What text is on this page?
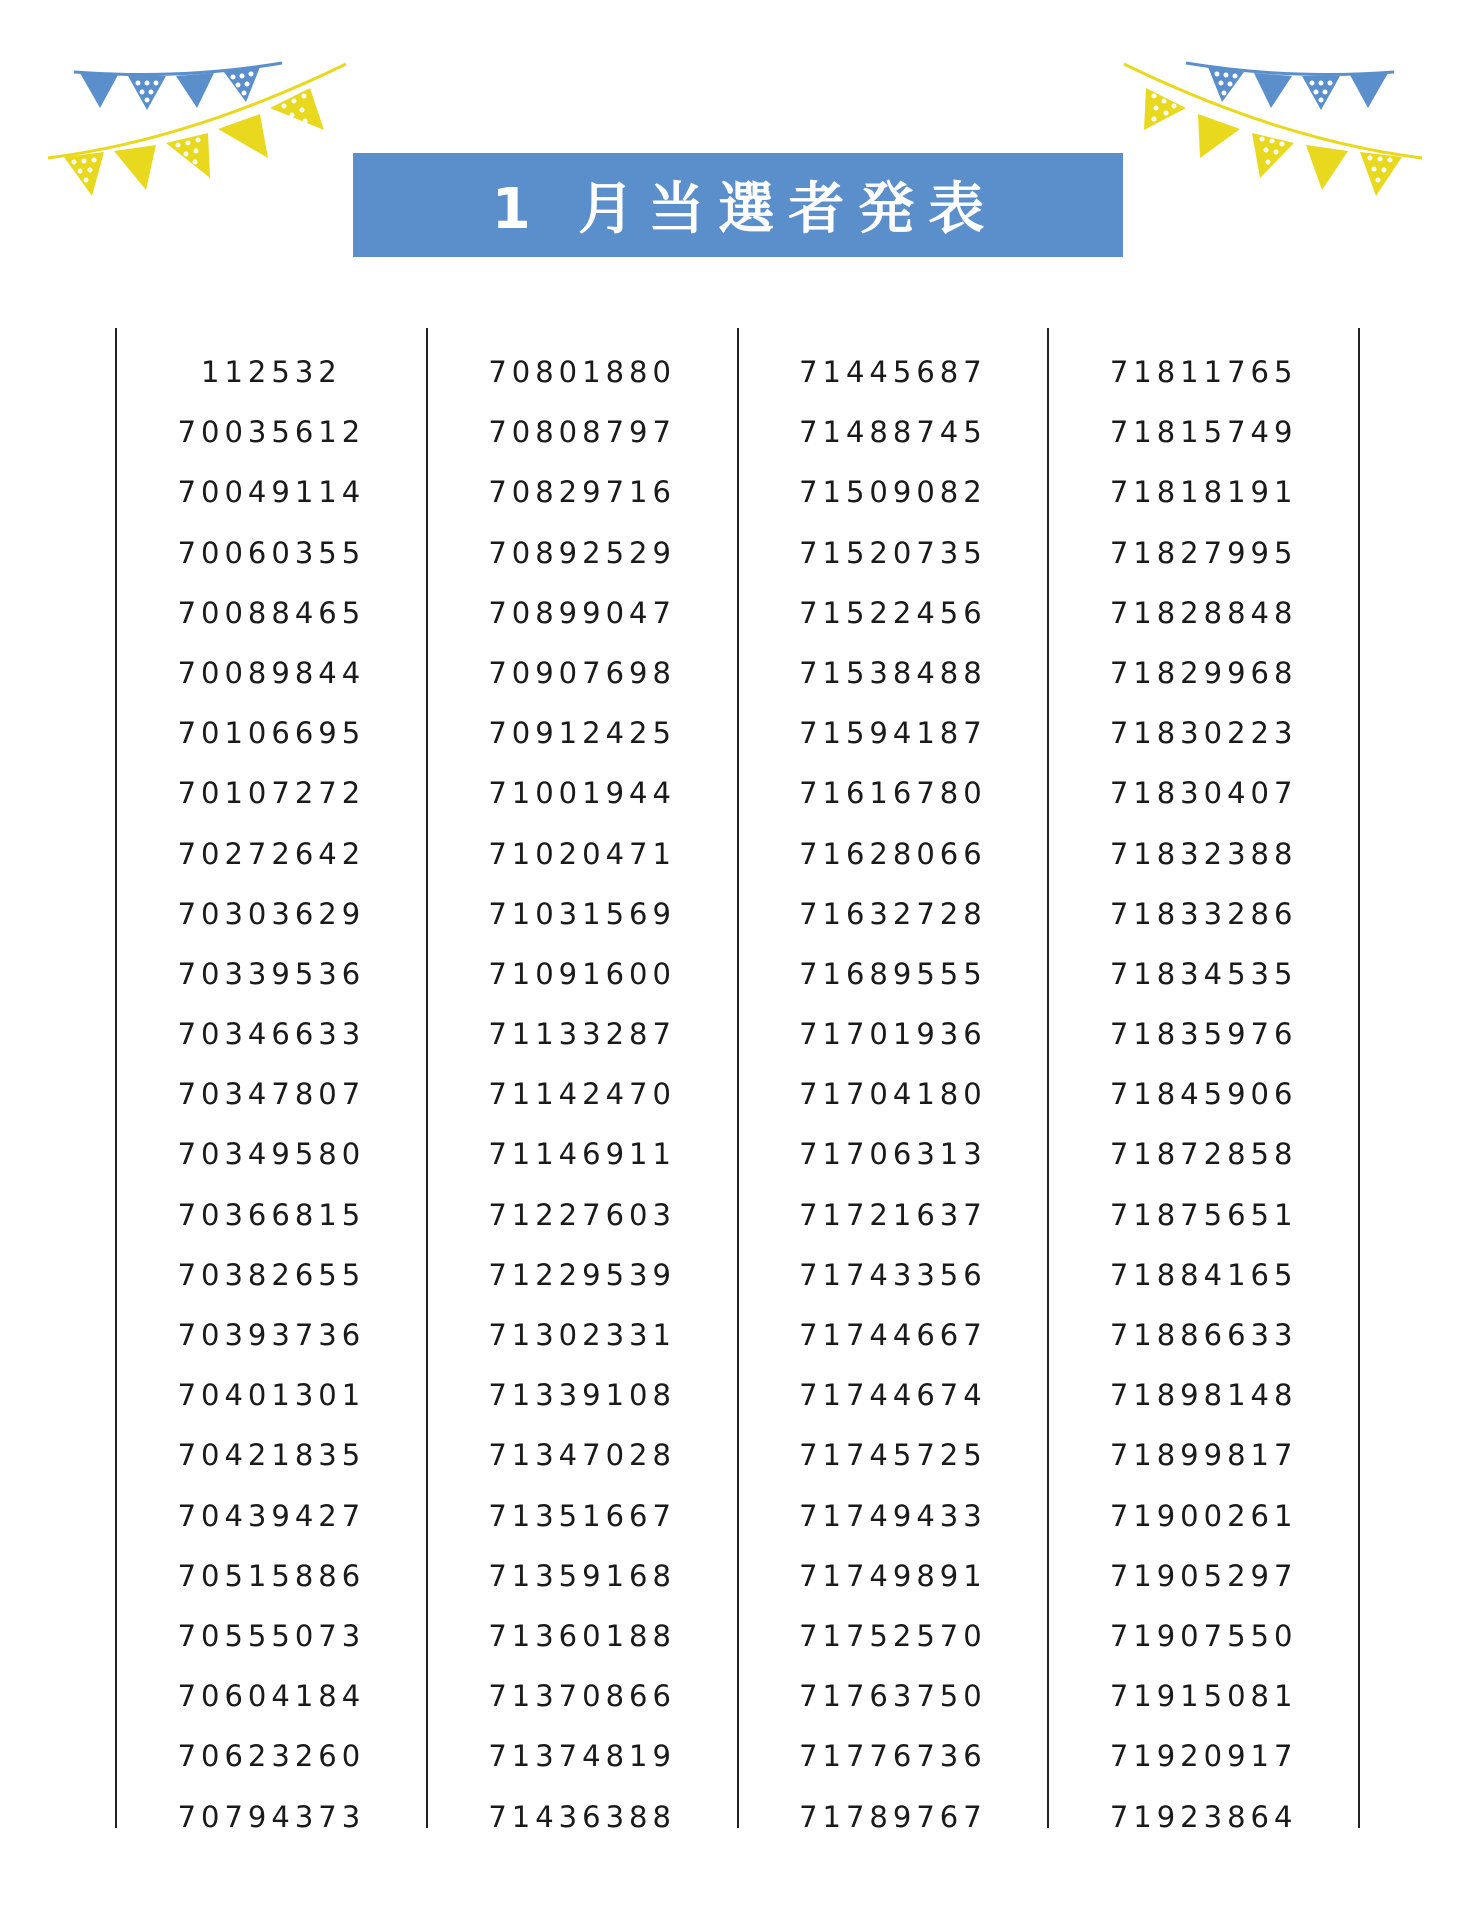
1 月当選者発表
112532
70035612
70049114
70060355
70088465
70089844
70106695
70107272
70272642
70303629
70339536
70346633
70347807
70349580
70366815
70382655
70393736
70401301
70421835
70439427
70515886
70555073
70604184
70623260
70794373
70801880
70808797
70829716
70892529
70899047
70907698
70912425
71001944
71020471
71031569
71091600
71133287
71142470
71146911
71227603
71229539
71302331
71339108
71347028
71351667
71359168
71360188
71370866
71374819
71436388
71445687
71488745
71509082
71520735
71522456
71538488
71594187
71616780
71628066
71632728
71689555
71701936
71704180
71706313
71721637
71743356
71744667
71744674
71745725
71749433
71749891
71752570
71763750
71776736
71789767
71811765
71815749
71818191
71827995
71828848
71829968
71830223
71830407
71832388
71833286
71834535
71835976
71845906
71872858
71875651
71884165
71886633
71898148
71899817
71900261
71905297
71907550
71915081
71920917
71923864
